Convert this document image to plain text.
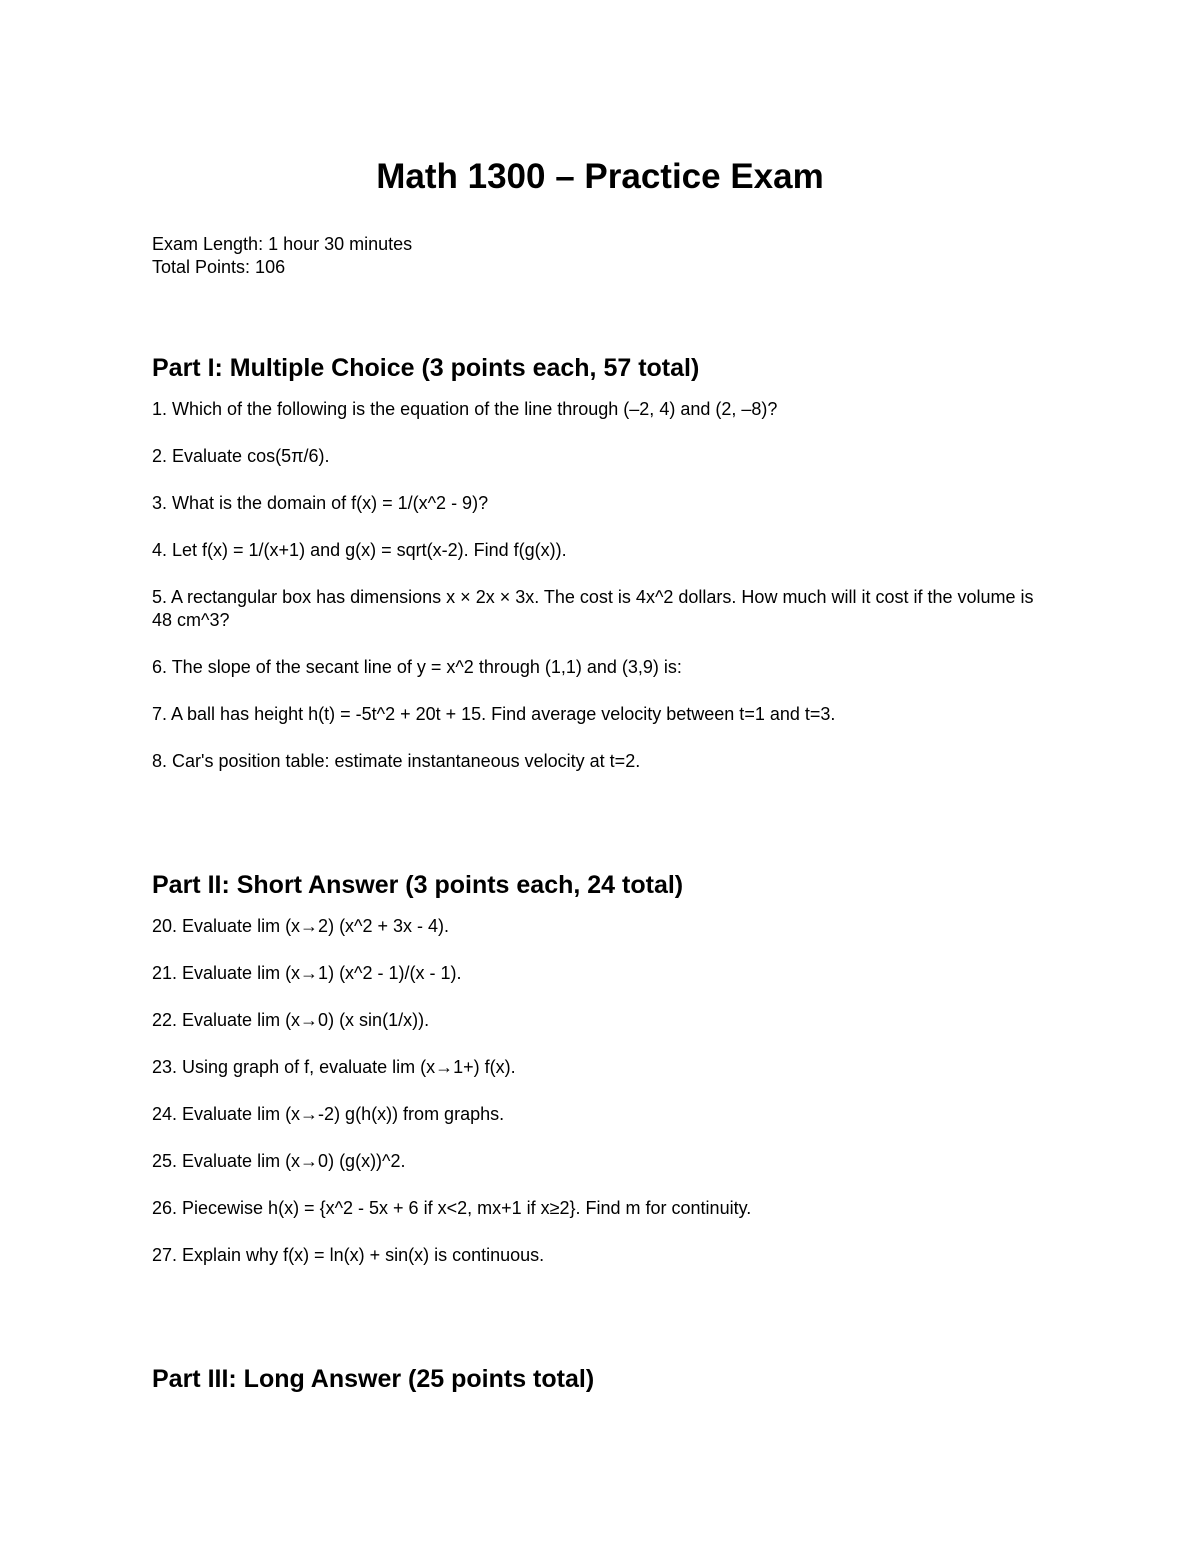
Math 1300 – Practice Exam
Exam Length: 1 hour 30 minutes
Total Points: 106
Part I: Multiple Choice (3 points each, 57 total)
1. Which of the following is the equation of the line through (–2, 4) and (2, –8)?
2. Evaluate cos(5π/6).
3. What is the domain of f(x) = 1/(x^2 - 9)?
4. Let f(x) = 1/(x+1) and g(x) = sqrt(x-2). Find f(g(x)).
5. A rectangular box has dimensions x × 2x × 3x. The cost is 4x^2 dollars. How much will it cost if the volume is 48 cm^3?
6. The slope of the secant line of y = x^2 through (1,1) and (3,9) is:
7. A ball has height h(t) = -5t^2 + 20t + 15. Find average velocity between t=1 and t=3.
8. Car's position table: estimate instantaneous velocity at t=2.
Part II: Short Answer (3 points each, 24 total)
20. Evaluate lim (x→2) (x^2 + 3x - 4).
21. Evaluate lim (x→1) (x^2 - 1)/(x - 1).
22. Evaluate lim (x→0) (x sin(1/x)).
23. Using graph of f, evaluate lim (x→1+) f(x).
24. Evaluate lim (x→-2) g(h(x)) from graphs.
25. Evaluate lim (x→0) (g(x))^2.
26. Piecewise h(x) = {x^2 - 5x + 6 if x<2, mx+1 if x≥2}. Find m for continuity.
27. Explain why f(x) = ln(x) + sin(x) is continuous.
Part III: Long Answer (25 points total)
